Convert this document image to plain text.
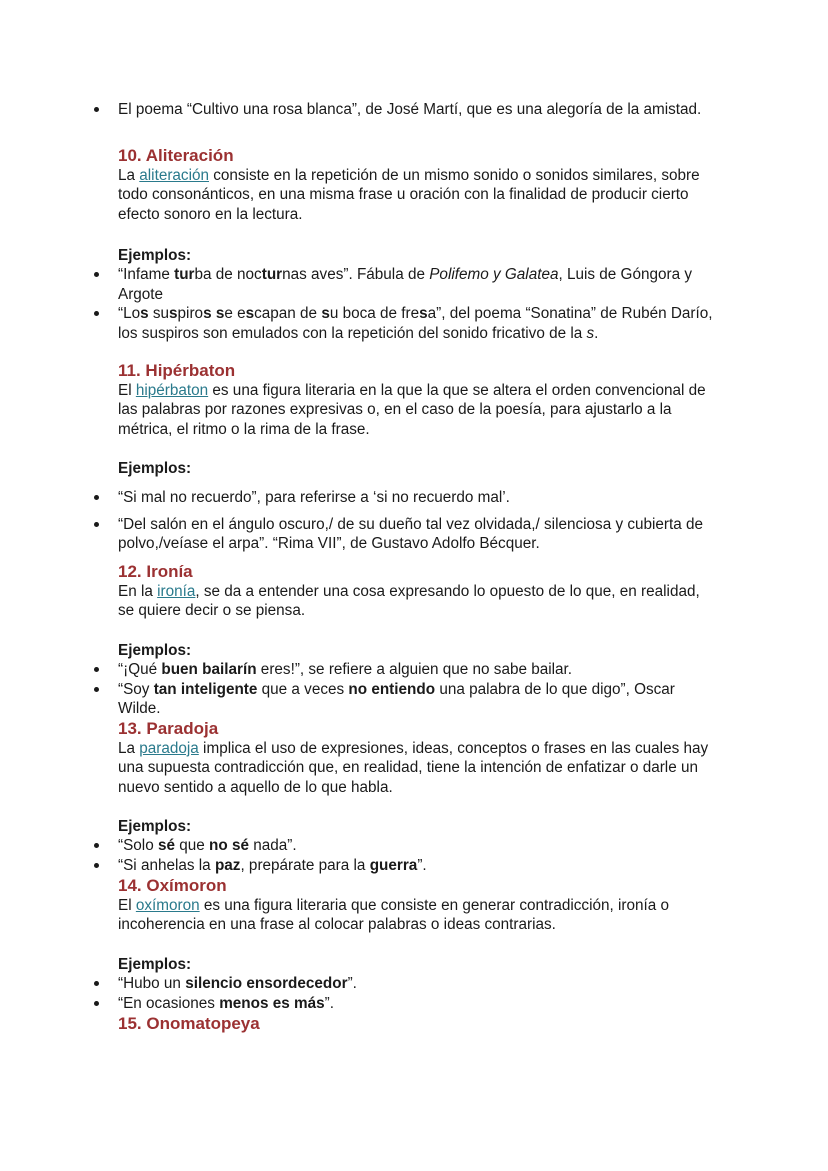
El poema “Cultivo una rosa blanca”, de José Martí, que es una alegoría de la amistad.

10. Aliteración

La aliteración consiste en la repetición de un mismo sonido o sonidos similares, sobre todo consonánticos, en una misma frase u oración con la finalidad de producir cierto efecto sonoro en la lectura.

Ejemplos:

“Infame turba de nocturnas aves”. Fábula de Polifemo y Galatea, Luis de Góngora y Argote

“Los suspiros se escapan de su boca de fresa”, del poema “Sonatina” de Rubén Darío, los suspiros son emulados con la repetición del sonido fricativo de la s.

11. Hipérbaton

El hipérbaton es una figura literaria en la que la que se altera el orden convencional de las palabras por razones expresivas o, en el caso de la poesía, para ajustarlo a la métrica, el ritmo o la rima de la frase.

Ejemplos:

“Si mal no recuerdo”, para referirse a ‘si no recuerdo mal’.

“Del salón en el ángulo oscuro,/ de su dueño tal vez olvidada,/ silenciosa y cubierta de polvo,/veíase el arpa”. “Rima VII”, de Gustavo Adolfo Bécquer.

12. Ironía

En la ironía, se da a entender una cosa expresando lo opuesto de lo que, en realidad, se quiere decir o se piensa.

Ejemplos:

“¡Qué buen bailarín eres!”, se refiere a alguien que no sabe bailar.

“Soy tan inteligente que a veces no entiendo una palabra de lo que digo”, Oscar Wilde.

13. Paradoja

La paradoja implica el uso de expresiones, ideas, conceptos o frases en las cuales hay una supuesta contradicción que, en realidad, tiene la intención de enfatizar o darle un nuevo sentido a aquello de lo que habla.

Ejemplos:

“Solo sé que no sé nada”.

“Si anhelas la paz, prepárate para la guerra”.

14. Oxímoron

El oxímoron es una figura literaria que consiste en generar contradicción, ironía o incoherencia en una frase al colocar palabras o ideas contrarias.

Ejemplos:

“Hubo un silencio ensordecedor”.

“En ocasiones menos es más”.

15. Onomatopeya
